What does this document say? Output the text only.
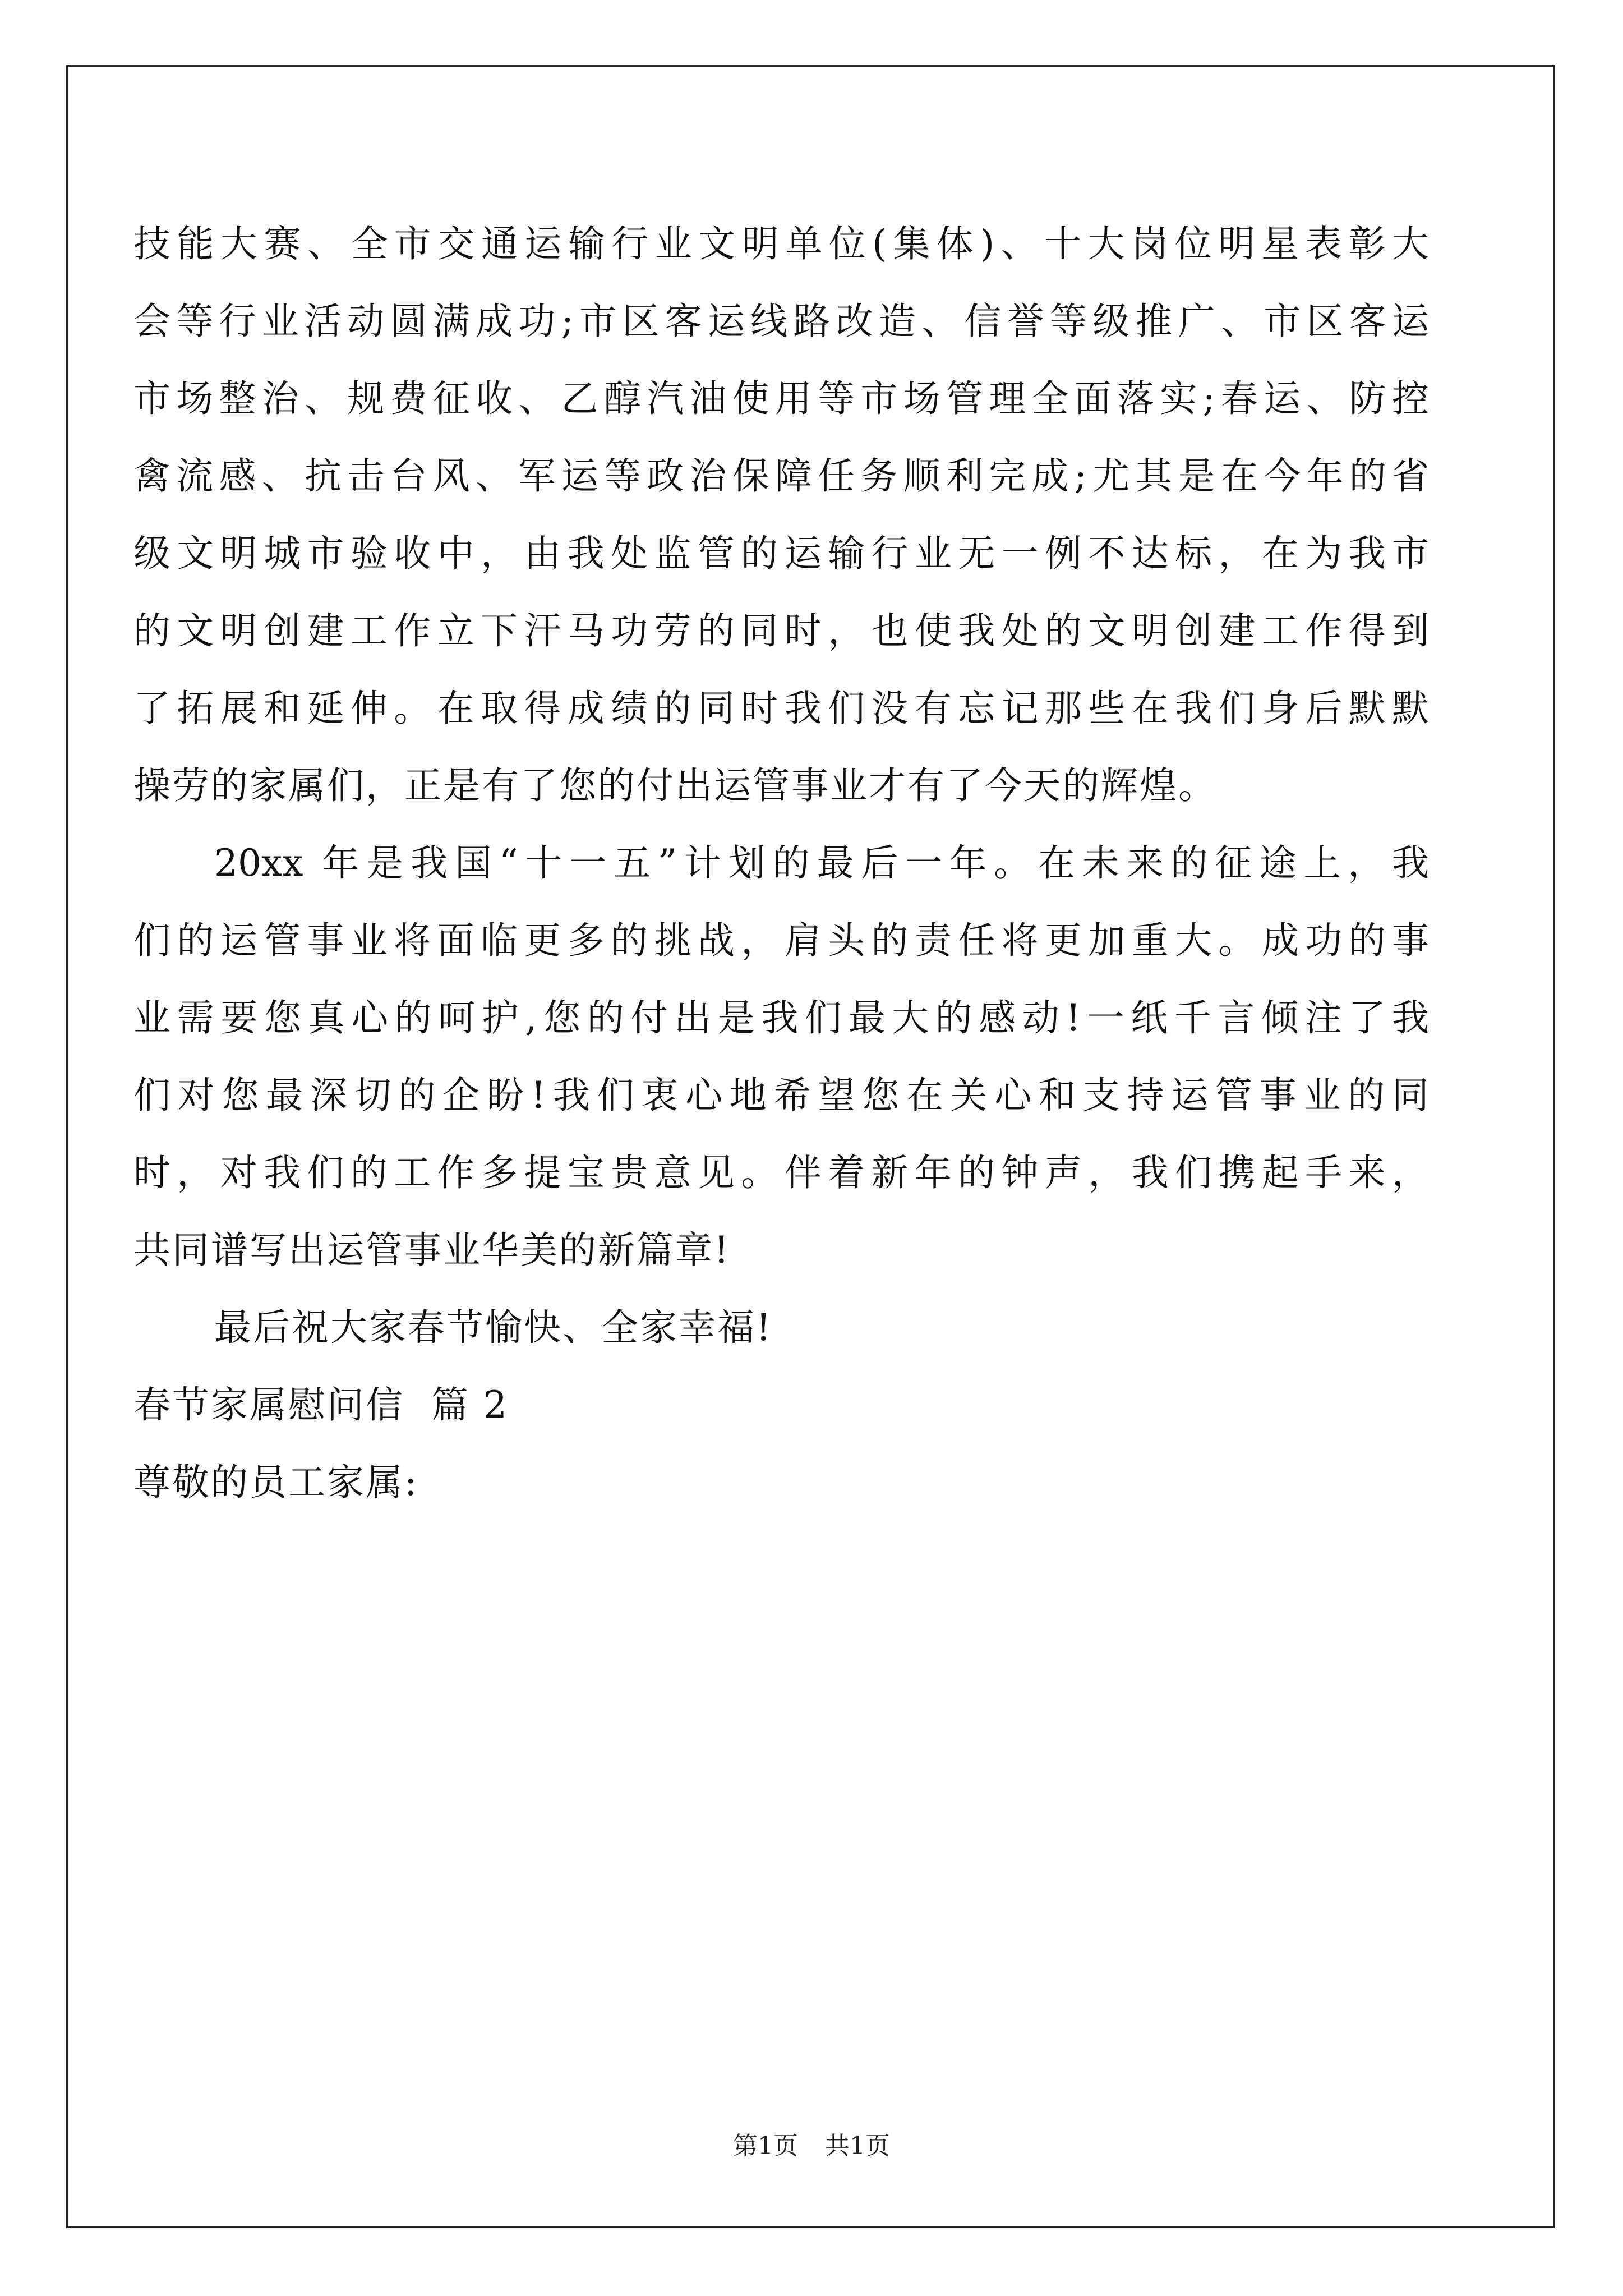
技能大赛、全市交通运输行业文明单位(集体)、十大岗位明星表彰大
会等行业活动圆满成功;市区客运线路改造、信誉等级推广、市区客运
市场整治、规费征收、乙醇汽油使用等市场管理全面落实;春运、防控
禽流感、抗击台风、军运等政治保障任务顺利完成;尤其是在今年的省
级文明城市验收中，由我处监管的运输行业无一例不达标，在为我市
的文明创建工作立下汗马功劳的同时，也使我处的文明创建工作得到
了拓展和延伸。在取得成绩的同时我们没有忘记那些在我们身后默默
操劳的家属们，正是有了您的付出运管事业才有了今天的辉煌。
20xx 年是我国“十一五”计划的最后一年。在未来的征途上，我
们的运管事业将面临更多的挑战，肩头的责任将更加重大。成功的事
业需要您真心的呵护,您的付出是我们最大的感动!一纸千言倾注了我
们对您最深切的企盼!我们衷心地希望您在关心和支持运管事业的同
时，对我们的工作多提宝贵意见。伴着新年的钟声，我们携起手来，
共同谱写出运管事业华美的新篇章!
最后祝大家春节愉快、全家幸福!
春节家属慰问信  篇 2
尊敬的员工家属:
第1页 共1页
